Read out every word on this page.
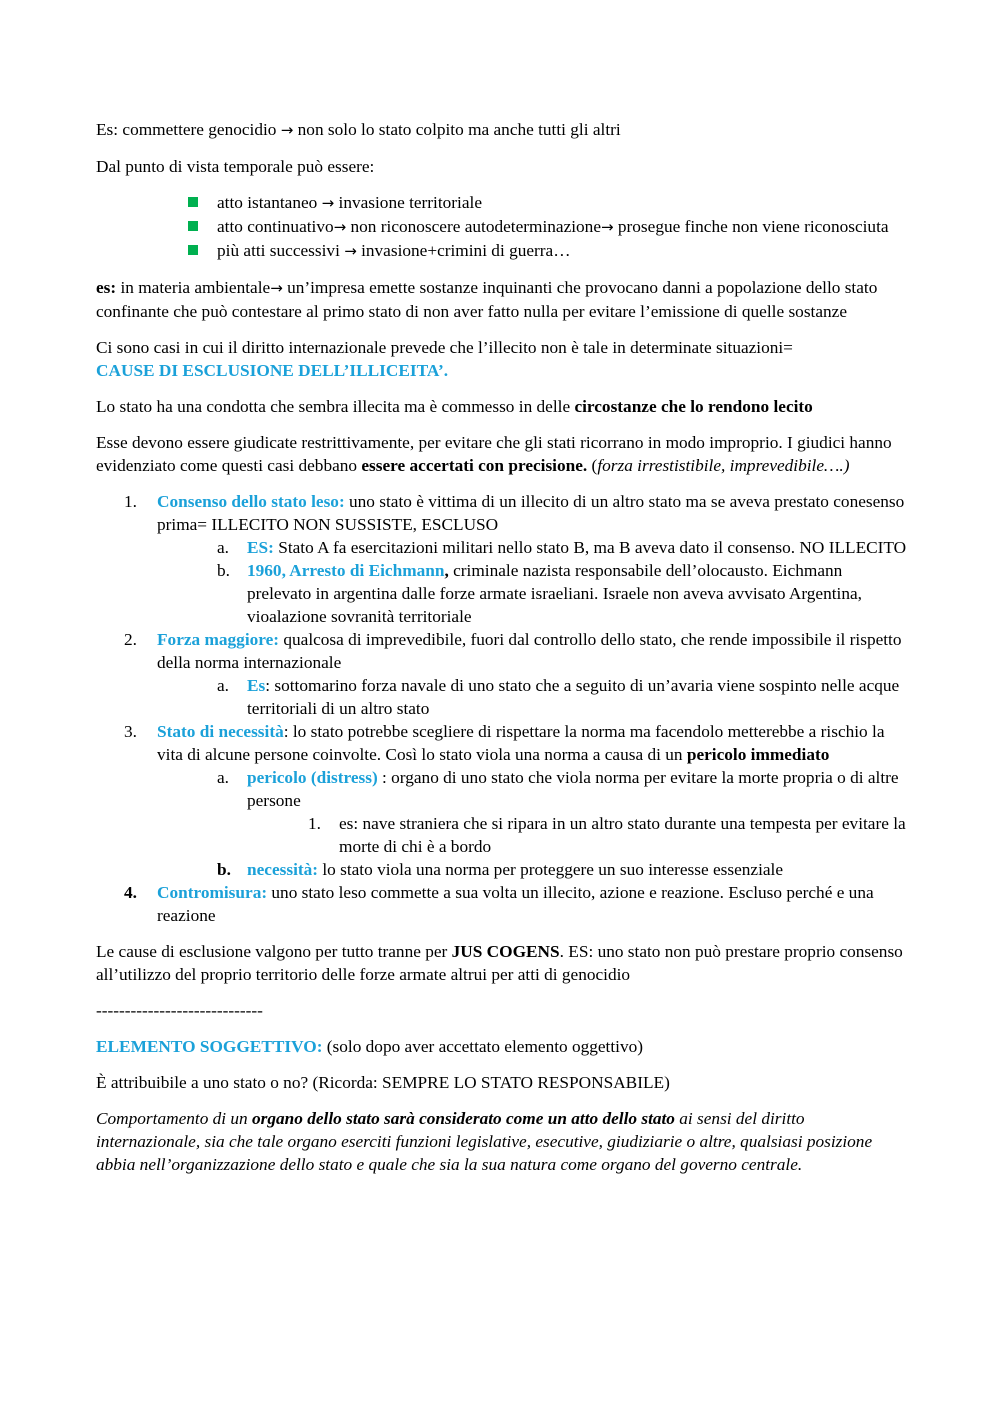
Es: commettere genocidio → non solo lo stato colpito ma anche tutti gli altri

Dal punto di vista temporale può essere:

atto istantaneo → invasione territoriale
atto continuativo→ non riconoscere autodeterminazione→ prosegue finche non viene riconosciuta
più atti successivi → invasione+crimini di guerra…

es: in materia ambientale→ un’impresa emette sostanze inquinanti che provocano danni a popolazione dello stato confinante che può contestare al primo stato di non aver fatto nulla per evitare l’emissione di quelle sostanze

Ci sono casi in cui il diritto internazionale prevede che l’illecito non è tale in determinate situazioni=
CAUSE DI ESCLUSIONE DELL’ILLICEITA’.

Lo stato ha una condotta che sembra illecita ma è commesso in delle circostanze che lo rendono lecito

Esse devono essere giudicate restrittivamente, per evitare che gli stati ricorrano in modo improprio. I giudici hanno evidenziato come questi casi debbano essere accertati con precisione. (forza irrestistibile, imprevedibile….)

1. Consenso dello stato leso: uno stato è vittima di un illecito di un altro stato ma se aveva prestato conesenso prima= ILLECITO NON SUSSISTE, ESCLUSO
a. ES: Stato A fa esercitazioni militari nello stato B, ma B aveva dato il consenso. NO ILLECITO
b. 1960, Arresto di Eichmann, criminale nazista responsabile dell’olocausto. Eichmann prelevato in argentina dalle forze armate israeliani. Israele non aveva avvisato Argentina, vioalazione sovranità territoriale
2. Forza maggiore: qualcosa di imprevedibile, fuori dal controllo dello stato, che rende impossibile il rispetto della norma internazionale
a. Es: sottomarino forza navale di uno stato che a seguito di un’avaria viene sospinto nelle acque territoriali di un altro stato
3. Stato di necessità: lo stato potrebbe scegliere di rispettare la norma ma facendolo metterebbe a rischio la vita di alcune persone coinvolte. Così lo stato viola una norma a causa di un pericolo immediato
a. pericolo (distress) : organo di uno stato che viola norma per evitare la morte propria o di altre persone
1. es: nave straniera che si ripara in un altro stato durante una tempesta per evitare la morte di chi è a bordo
b. necessità: lo stato viola una norma per proteggere un suo interesse essenziale
4. Contromisura: uno stato leso commette a sua volta un illecito, azione e reazione. Escluso perché e una reazione

Le cause di esclusione valgono per tutto tranne per JUS COGENS. ES: uno stato non può prestare proprio consenso all’utilizzo del proprio territorio delle forze armate altrui per atti di genocidio

-----------------------------

ELEMENTO SOGGETTIVO: (solo dopo aver accettato elemento oggettivo)

È attribuibile a uno stato o no? (Ricorda: SEMPRE LO STATO RESPONSABILE)

Comportamento di un organo dello stato sarà considerato come un atto dello stato ai sensi del diritto internazionale, sia che tale organo eserciti funzioni legislative, esecutive, giudiziarie o altre, qualsiasi posizione abbia nell’organizzazione dello stato e quale che sia la sua natura come organo del governo centrale.
